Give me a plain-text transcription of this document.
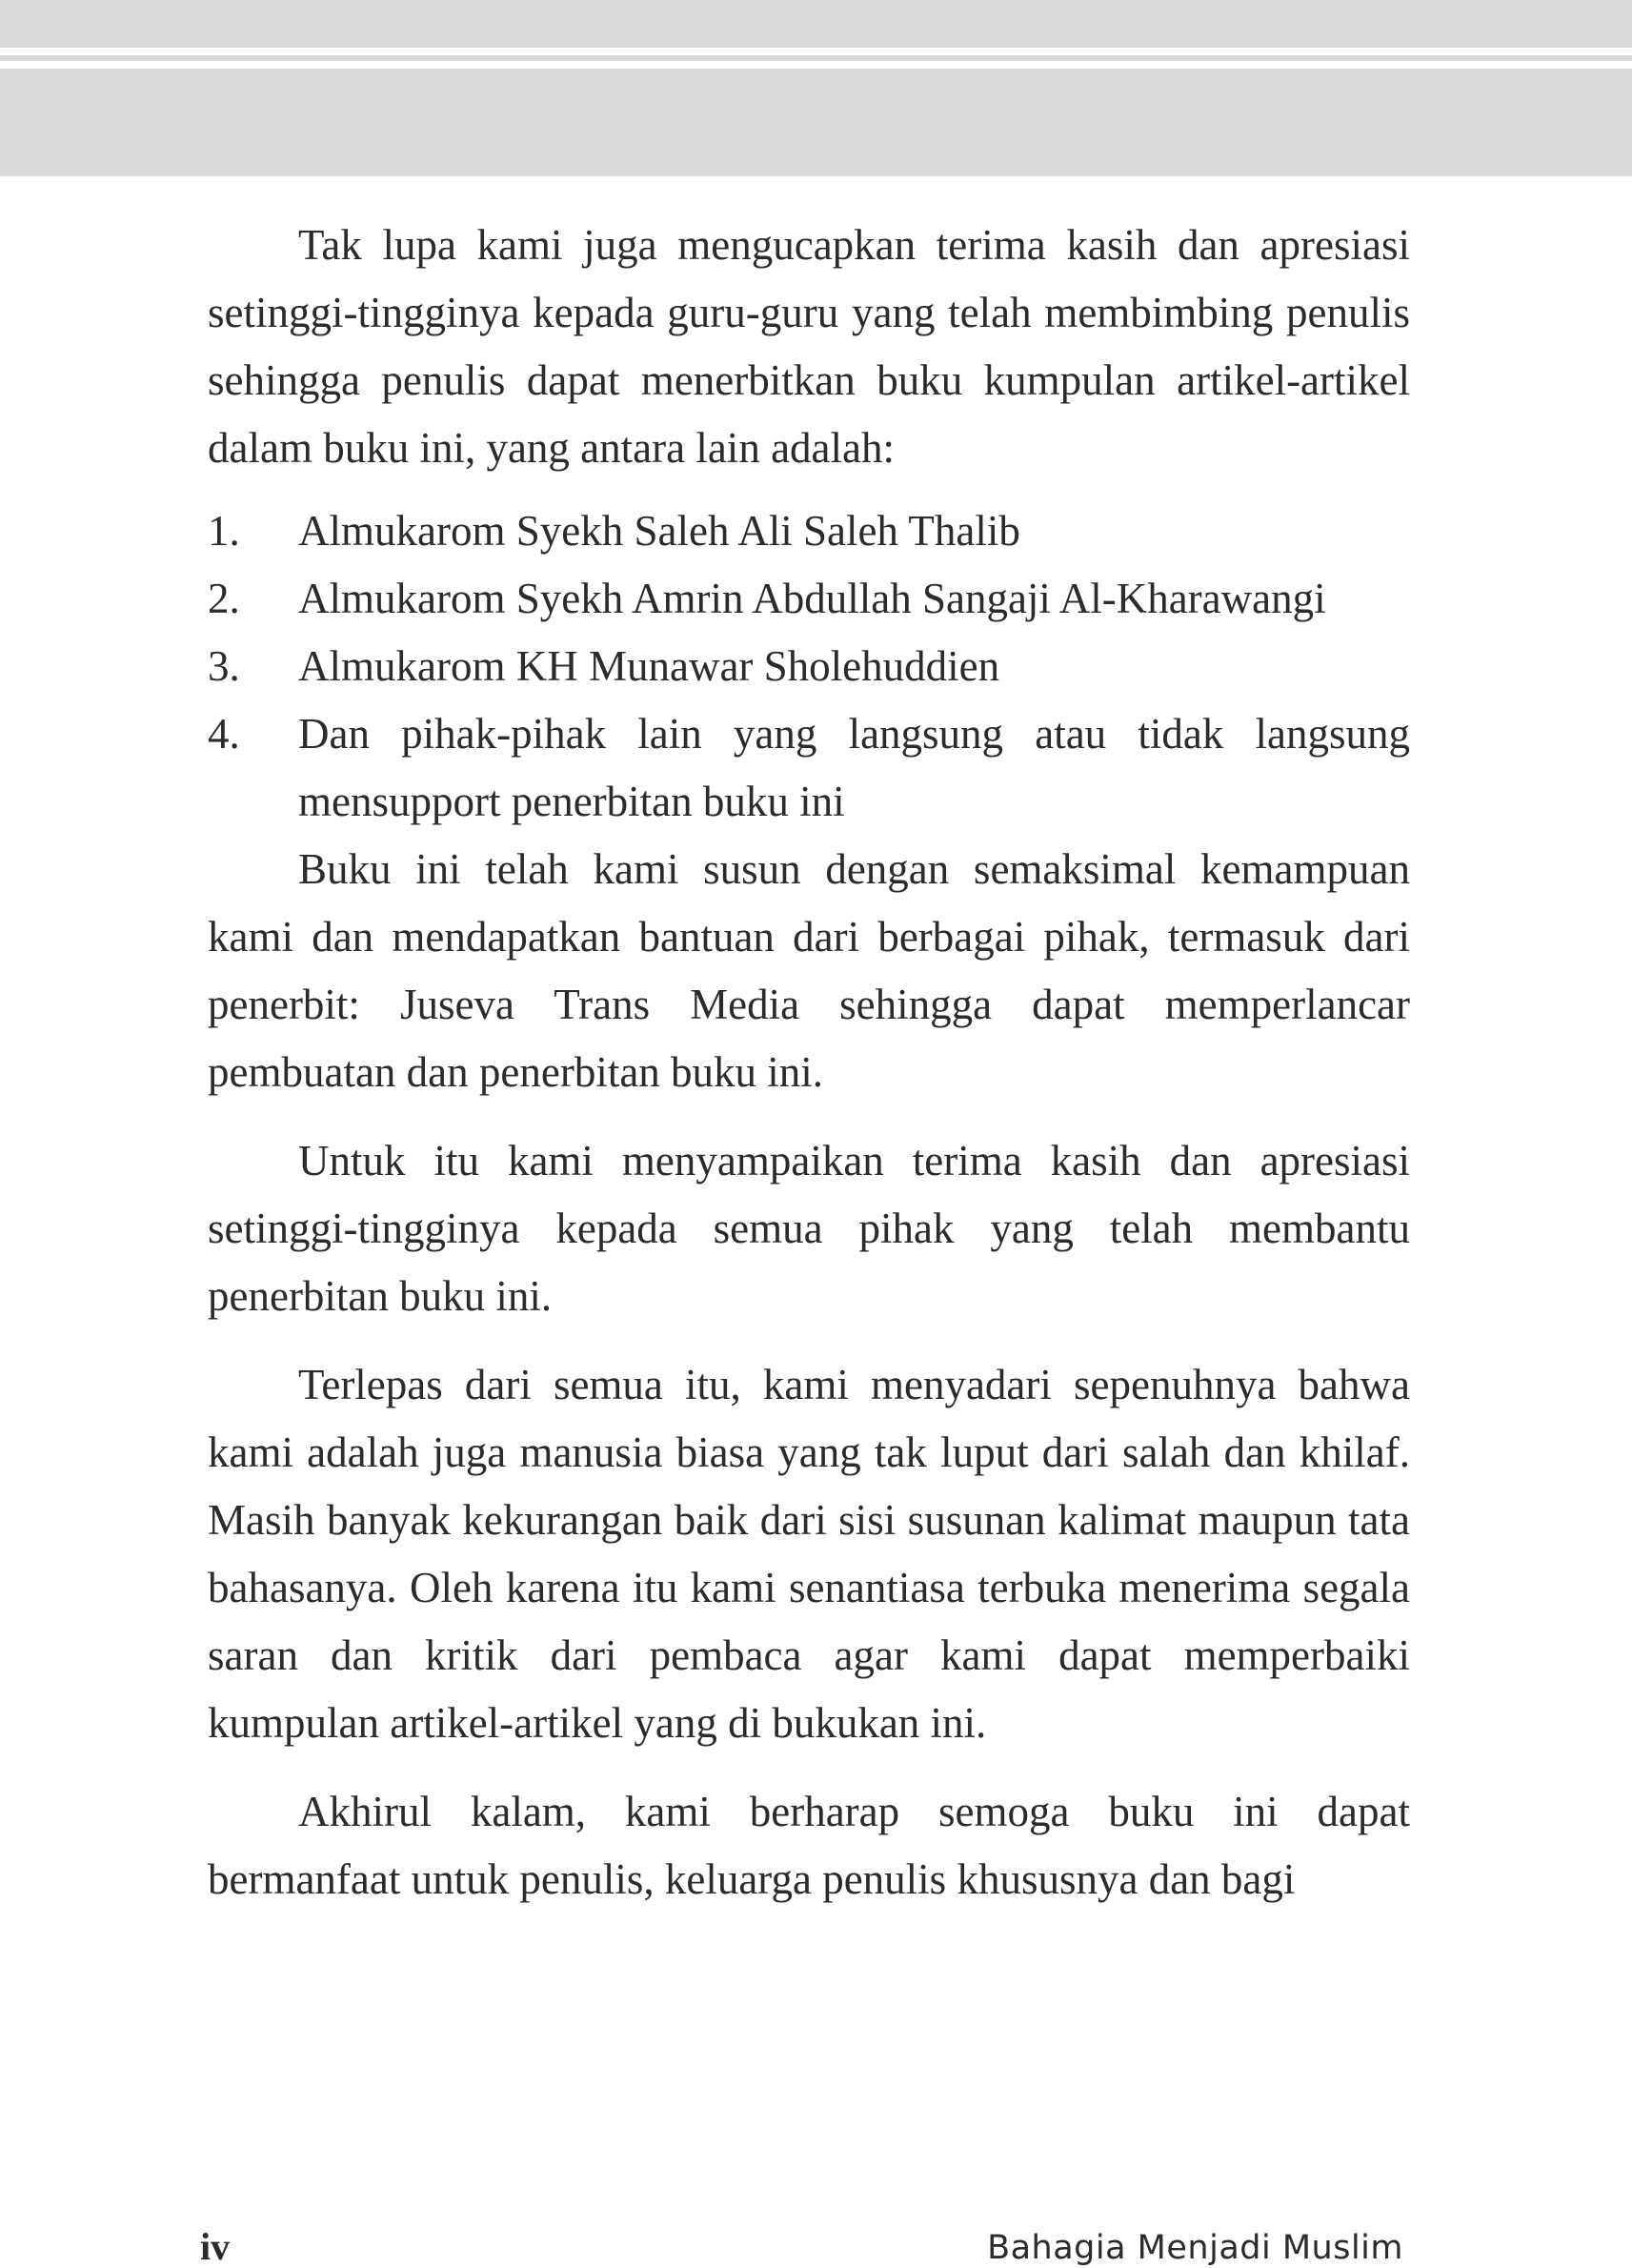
Tak lupa kami juga mengucapkan terima kasih dan apresiasi setinggi-tingginya kepada guru-guru yang telah membimbing penulis sehingga penulis dapat menerbitkan buku kumpulan artikel-artikel dalam buku ini, yang antara lain adalah:

1. Almukarom Syekh Saleh Ali Saleh Thalib
2. Almukarom Syekh Amrin Abdullah Sangaji Al-Kharawangi
3. Almukarom KH Munawar Sholehuddien
4. Dan pihak-pihak lain yang langsung atau tidak langsung mensupport penerbitan buku ini

Buku ini telah kami susun dengan semaksimal kemampuan kami dan mendapatkan bantuan dari berbagai pihak, termasuk dari penerbit: Juseva Trans Media sehingga dapat memperlancar pembuatan dan penerbitan buku ini.

Untuk itu kami menyampaikan terima kasih dan apresiasi setinggi-tingginya kepada semua pihak yang telah membantu penerbitan buku ini.

Terlepas dari semua itu, kami menyadari sepenuhnya bahwa kami adalah juga manusia biasa yang tak luput dari salah dan khilaf. Masih banyak kekurangan baik dari sisi susunan kalimat maupun tata bahasanya. Oleh karena itu kami senantiasa terbuka menerima segala saran dan kritik dari pembaca agar kami dapat memperbaiki kumpulan artikel-artikel yang di bukukan ini.

Akhirul kalam, kami berharap semoga buku ini dapat bermanfaat untuk penulis, keluarga penulis khususnya dan bagi

iv	Bahagia Menjadi Muslim
